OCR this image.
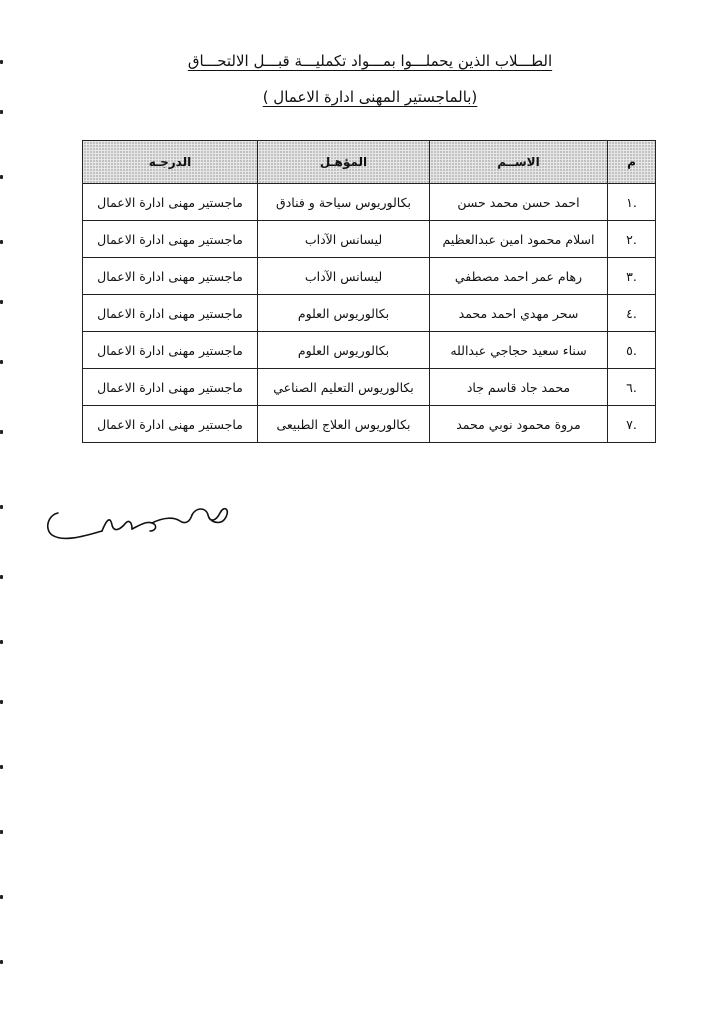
الطـــلاب الذين يحملـــوا بمـــواد تكمليـــة قبـــل الالتحـــاق
(بالماجستير المهنى ادارة الاعمال )
م	الاســم	المؤهـل	الدرجـه
.١	احمد حسن محمد حسن	بكالوريوس سياحة و فنادق	ماجستير مهنى ادارة الاعمال
.٢	اسلام محمود امين عبدالعظيم	ليسانس الآداب	ماجستير مهنى ادارة الاعمال
.٣	رهام عمر احمد مصطفي	ليسانس الآداب	ماجستير مهنى ادارة الاعمال
.٤	سحر مهدي احمد محمد	بكالوريوس العلوم	ماجستير مهنى ادارة الاعمال
.٥	سناء سعيد حجاجي عبدالله	بكالوريوس العلوم	ماجستير مهنى ادارة الاعمال
.٦	محمد جاد قاسم جاد	بكالوريوس التعليم الصناعي	ماجستير مهنى ادارة الاعمال
.٧	مروة محمود نوبي محمد	بكالوريوس العلاج الطبيعى	ماجستير مهنى ادارة الاعمال
